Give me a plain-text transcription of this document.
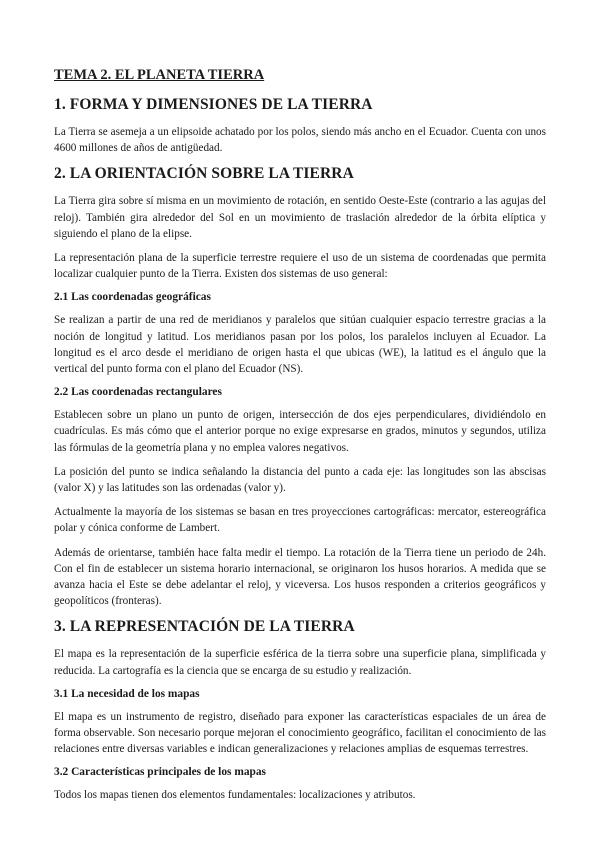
TEMA 2. EL PLANETA TIERRA
1. FORMA Y DIMENSIONES DE LA TIERRA

La Tierra se asemeja a un elipsoide achatado por los polos, siendo más ancho en el Ecuador. Cuenta con unos 4600 millones de años de antigüedad.

2. LA ORIENTACIÓN SOBRE LA TIERRA

La Tierra gira sobre sí misma en un movimiento de rotación, en sentido Oeste-Este (contrario a las agujas del reloj). También gira alrededor del Sol en un movimiento de traslación alrededor de la órbita elíptica y siguiendo el plano de la elipse.

La representación plana de la superficie terrestre requiere el uso de un sistema de coordenadas que permita localizar cualquier punto de la Tierra. Existen dos sistemas de uso general:

2.1 Las coordenadas geográficas

Se realizan a partir de una red de meridianos y paralelos que sitúan cualquier espacio terrestre gracias a la noción de longitud y latitud. Los meridianos pasan por los polos, los paralelos incluyen al Ecuador. La longitud es el arco desde el meridiano de origen hasta el que ubicas (WE), la latitud es el ángulo que la vertical del punto forma con el plano del Ecuador (NS).

2.2 Las coordenadas rectangulares

Establecen sobre un plano un punto de origen, intersección de dos ejes perpendiculares, dividiéndolo en cuadrículas. Es más cómo que el anterior porque no exige expresarse en grados, minutos y segundos, utiliza las fórmulas de la geometría plana y no emplea valores negativos.

La posición del punto se indica señalando la distancia del punto a cada eje: las longitudes son las abscisas (valor X) y las latitudes son las ordenadas (valor y).

Actualmente la mayoría de los sistemas se basan en tres proyecciones cartográficas: mercator, estereográfica polar y cónica conforme de Lambert.

Además de orientarse, también hace falta medir el tiempo. La rotación de la Tierra tiene un periodo de 24h. Con el fin de establecer un sistema horario internacional, se originaron los husos horarios. A medida que se avanza hacia el Este se debe adelantar el reloj, y viceversa. Los husos responden a criterios geográficos y geopolíticos (fronteras).

3. LA REPRESENTACIÓN DE LA TIERRA

El mapa es la representación de la superficie esférica de la tierra sobre una superficie plana, simplificada y reducida. La cartografía es la ciencia que se encarga de su estudio y realización.

3.1 La necesidad de los mapas

El mapa es un instrumento de registro, diseñado para exponer las características espaciales de un área de forma observable. Son necesario porque mejoran el conocimiento geográfico, facilitan el conocimiento de las relaciones entre diversas variables e indican generalizaciones y relaciones amplias de esquemas terrestres.

3.2 Características principales de los mapas

Todos los mapas tienen dos elementos fundamentales: localizaciones y atributos.
